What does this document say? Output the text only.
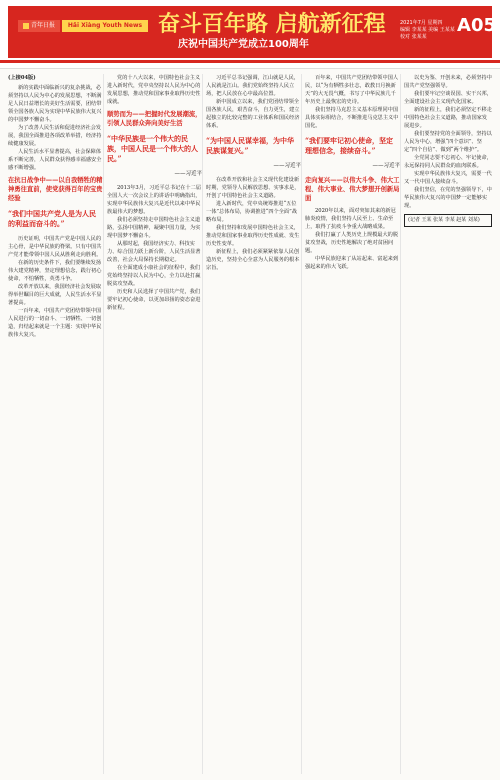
青年日报	Hǎi Xiàng Youth News 奋斗百年路 启航新征程
庆祝中国共产党成立100周年
2021年7月 星期四
编辑 李某某 美编 王某某
校对 张某某
A05

(上接04版)

新的实践中面临新兴的复杂挑战，必须坚持以人民为中心的发展思想，不断满足人民日益增长的美好生活需要，团结带领全国各族人民为实现中华民族伟大复兴的中国梦不懈奋斗。

为了改善人民生活和促进经济社会发展，我国全面推进各项改革举措，经济持续健康发展。

人民生活水平显著提高，社会保障体系不断完善，人民群众获得感幸福感安全感不断增强。

在抗日战争中——以自我牺牲的精神勇往直前，使党获得百年的宝贵经验
“我们中国共产党人是为人民的利益而奋斗的。”

历史证明，中国共产党是中国人民的主心骨，是中华民族的脊梁。只有中国共产党才能带领中国人民从胜利走向胜利。

在新的历史条件下，我们要继续发扬伟大建党精神，坚定理想信念，践行初心使命，不怕牺牲，英勇斗争。

改革开放以来，我国经济社会发展取得举世瞩目的巨大成就，人民生活水平显著提高。

一百年来，中国共产党团结带领中国人民进行的一切奋斗、一切牺牲、一切创造，归结起来就是一个主题：实现中华民族伟大复兴。

党的十八大以来，中国特色社会主义进入新时代，党中央坚持以人民为中心的发展思想，推动党和国家事业取得历史性成就。

顺势而为——把握时代发展潮流，引领人民群众奔向美好生活
“中华民族是一个伟大的民族，中国人民是一个伟大的人民。”
——习近平

2013年3月，习近平总书记在十二届全国人大一次会议上的讲话中明确指出，实现中华民族伟大复兴是近代以来中华民族最伟大的梦想。

我们必须坚持走中国特色社会主义道路，弘扬中国精神，凝聚中国力量，为实现中国梦不懈奋斗。

从那时起，我国经济实力、科技实力、综合国力跃上新台阶，人民生活显著改善，社会大局保持长期稳定。

在全面建成小康社会的征程中，我们党始终坚持以人民为中心，全力以赴打赢脱贫攻坚战。

历史和人民选择了中国共产党，我们要牢记初心使命，以更加昂扬的姿态奋进新征程。

习近平总书记强调，江山就是人民，人民就是江山。我们党始终坚持人民立场，把人民放在心中最高位置。

新中国成立以来，我们党团结带领全国各族人民，艰苦奋斗，自力更生，建立起独立的比较完整的工业体系和国民经济体系。

“为中国人民谋幸福，为中华民族谋复兴。”
——习近平

在改革开放和社会主义现代化建设新时期，党领导人民解放思想、实事求是，开创了中国特色社会主义道路。

进入新时代，党中央统筹推进“五位一体”总体布局，协调推进“四个全面”战略布局。

我们坚持和发展中国特色社会主义，推动党和国家事业取得历史性成就、发生历史性变革。

新征程上，我们必须紧紧依靠人民创造历史，坚持全心全意为人民服务的根本宗旨。

百年来，中国共产党团结带领中国人民，以“为有牺牲多壮志，敢教日月换新天”的大无畏气概，书写了中华民族几千年历史上最恢宏的史诗。

我们坚持马克思主义基本原理同中国具体实际相结合，不断推进马克思主义中国化。

“我们要牢记初心使命，坚定理想信念，接续奋斗。”
——习近平
走向复兴——以伟大斗争、伟大工程、伟大事业、伟大梦想开创新局面

2020年以来，面对突如其来的新冠肺炎疫情，我们坚持人民至上、生命至上，取得了抗疫斗争重大战略成果。

我们打赢了人类历史上规模最大的脱贫攻坚战，历史性地解决了绝对贫困问题。

中华民族迎来了从站起来、富起来到强起来的伟大飞跃。

以史为鉴、开创未来，必须坚持中国共产党坚强领导。

我们要牢记空谈误国、实干兴邦，全面建设社会主义现代化国家。

新的征程上，我们必须坚定不移走中国特色社会主义道路，推动国家发展进步。

我们要坚持党的全面领导，坚持以人民为中心，增强“四个意识”、坚定“四个自信”、做到“两个维护”。

全党同志要不忘初心、牢记使命，永远保持同人民群众的血肉联系。

实现中华民族伟大复兴，需要一代又一代中国人接续奋斗。

我们坚信，在党的坚强领导下，中华民族伟大复兴的中国梦一定能够实现。

(记者 王某 张某 李某 赵某 刘某)
